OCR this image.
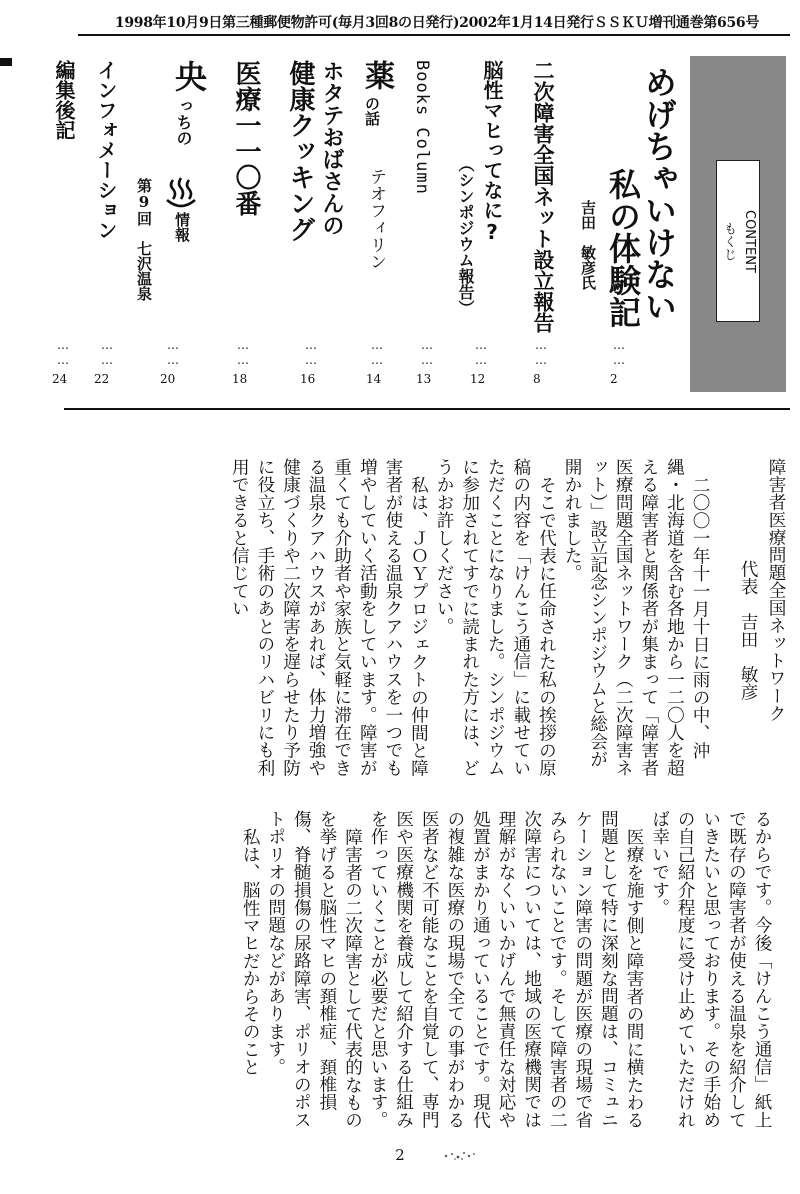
1998年10月9日第三種郵便物許可(毎月3回8の日発行)2002年1月14日発行ＳＳＫＵ増刊通巻第656号
CONTENT
もくじ
めげちゃいけない
私の体験記
吉田　敏彦氏
……
2
二次障害全国ネット設立報告
……
8
脳性マヒってなに?
（シンポジウム報告）
……
12
Books Column
……
13
薬
の話
テオフィリン
……
14
ホタテおばさんの
健康クッキング
……
16
医療一一〇番
……
18
央
っちの
情報
第9回　七沢温泉
……
20
インフォメーション
……
22
編集後記
……
24
障害者医療問題全国ネットワーク
代表　吉田　敏彦

二〇〇一年十一月十日に雨の中、沖縄・北海道を含む各地から一二〇人を超える障害者と関係者が集まって「障害者医療問題全国ネットワーク（二次障害ネット）」設立記念シンポジウムと総会が開かれました。

そこで代表に任命された私の挨拶の原稿の内容を「けんこう通信」に載せていただくことになりました。シンポジウムに参加されてすでに読まれた方には、どうかお許しください。

私は、ＪＯＹプロジェクトの仲間と障害者が使える温泉クアハウスを一つでも増やしていく活動をしています。障害が重くても介助者や家族と気軽に滞在できる温泉クアハウスがあれば、体力増強や健康づくりや二次障害を遅らせたり予防に役立ち、手術のあとのリハビリにも利用できると信じてい

るからです。今後「けんこう通信」紙上で既存の障害者が使える温泉を紹介していきたいと思っております。その手始めの自己紹介程度に受け止めていただければ幸いです。

医療を施す側と障害者の間に横たわる問題として特に深刻な問題は、コミュニケーション障害の問題が医療の現場で省みられないことです。そして障害者の二次障害については、地域の医療機関では理解がなくいいかげんで無責任な対応や処置がまかり通っていることです。現代の複雑な医療の現場で全ての事がわかる医者など不可能なことを自覚して、専門医や医療機関を養成して紹介する仕組みを作っていくことが必要だと思います。

障害者の二次障害として代表的なものを挙げると脳性マヒの頚椎症、頚椎損傷、脊髄損傷の尿路障害、ポリオのポストポリオの問題などがあります。

私は、脳性マヒだからそのこと

2
